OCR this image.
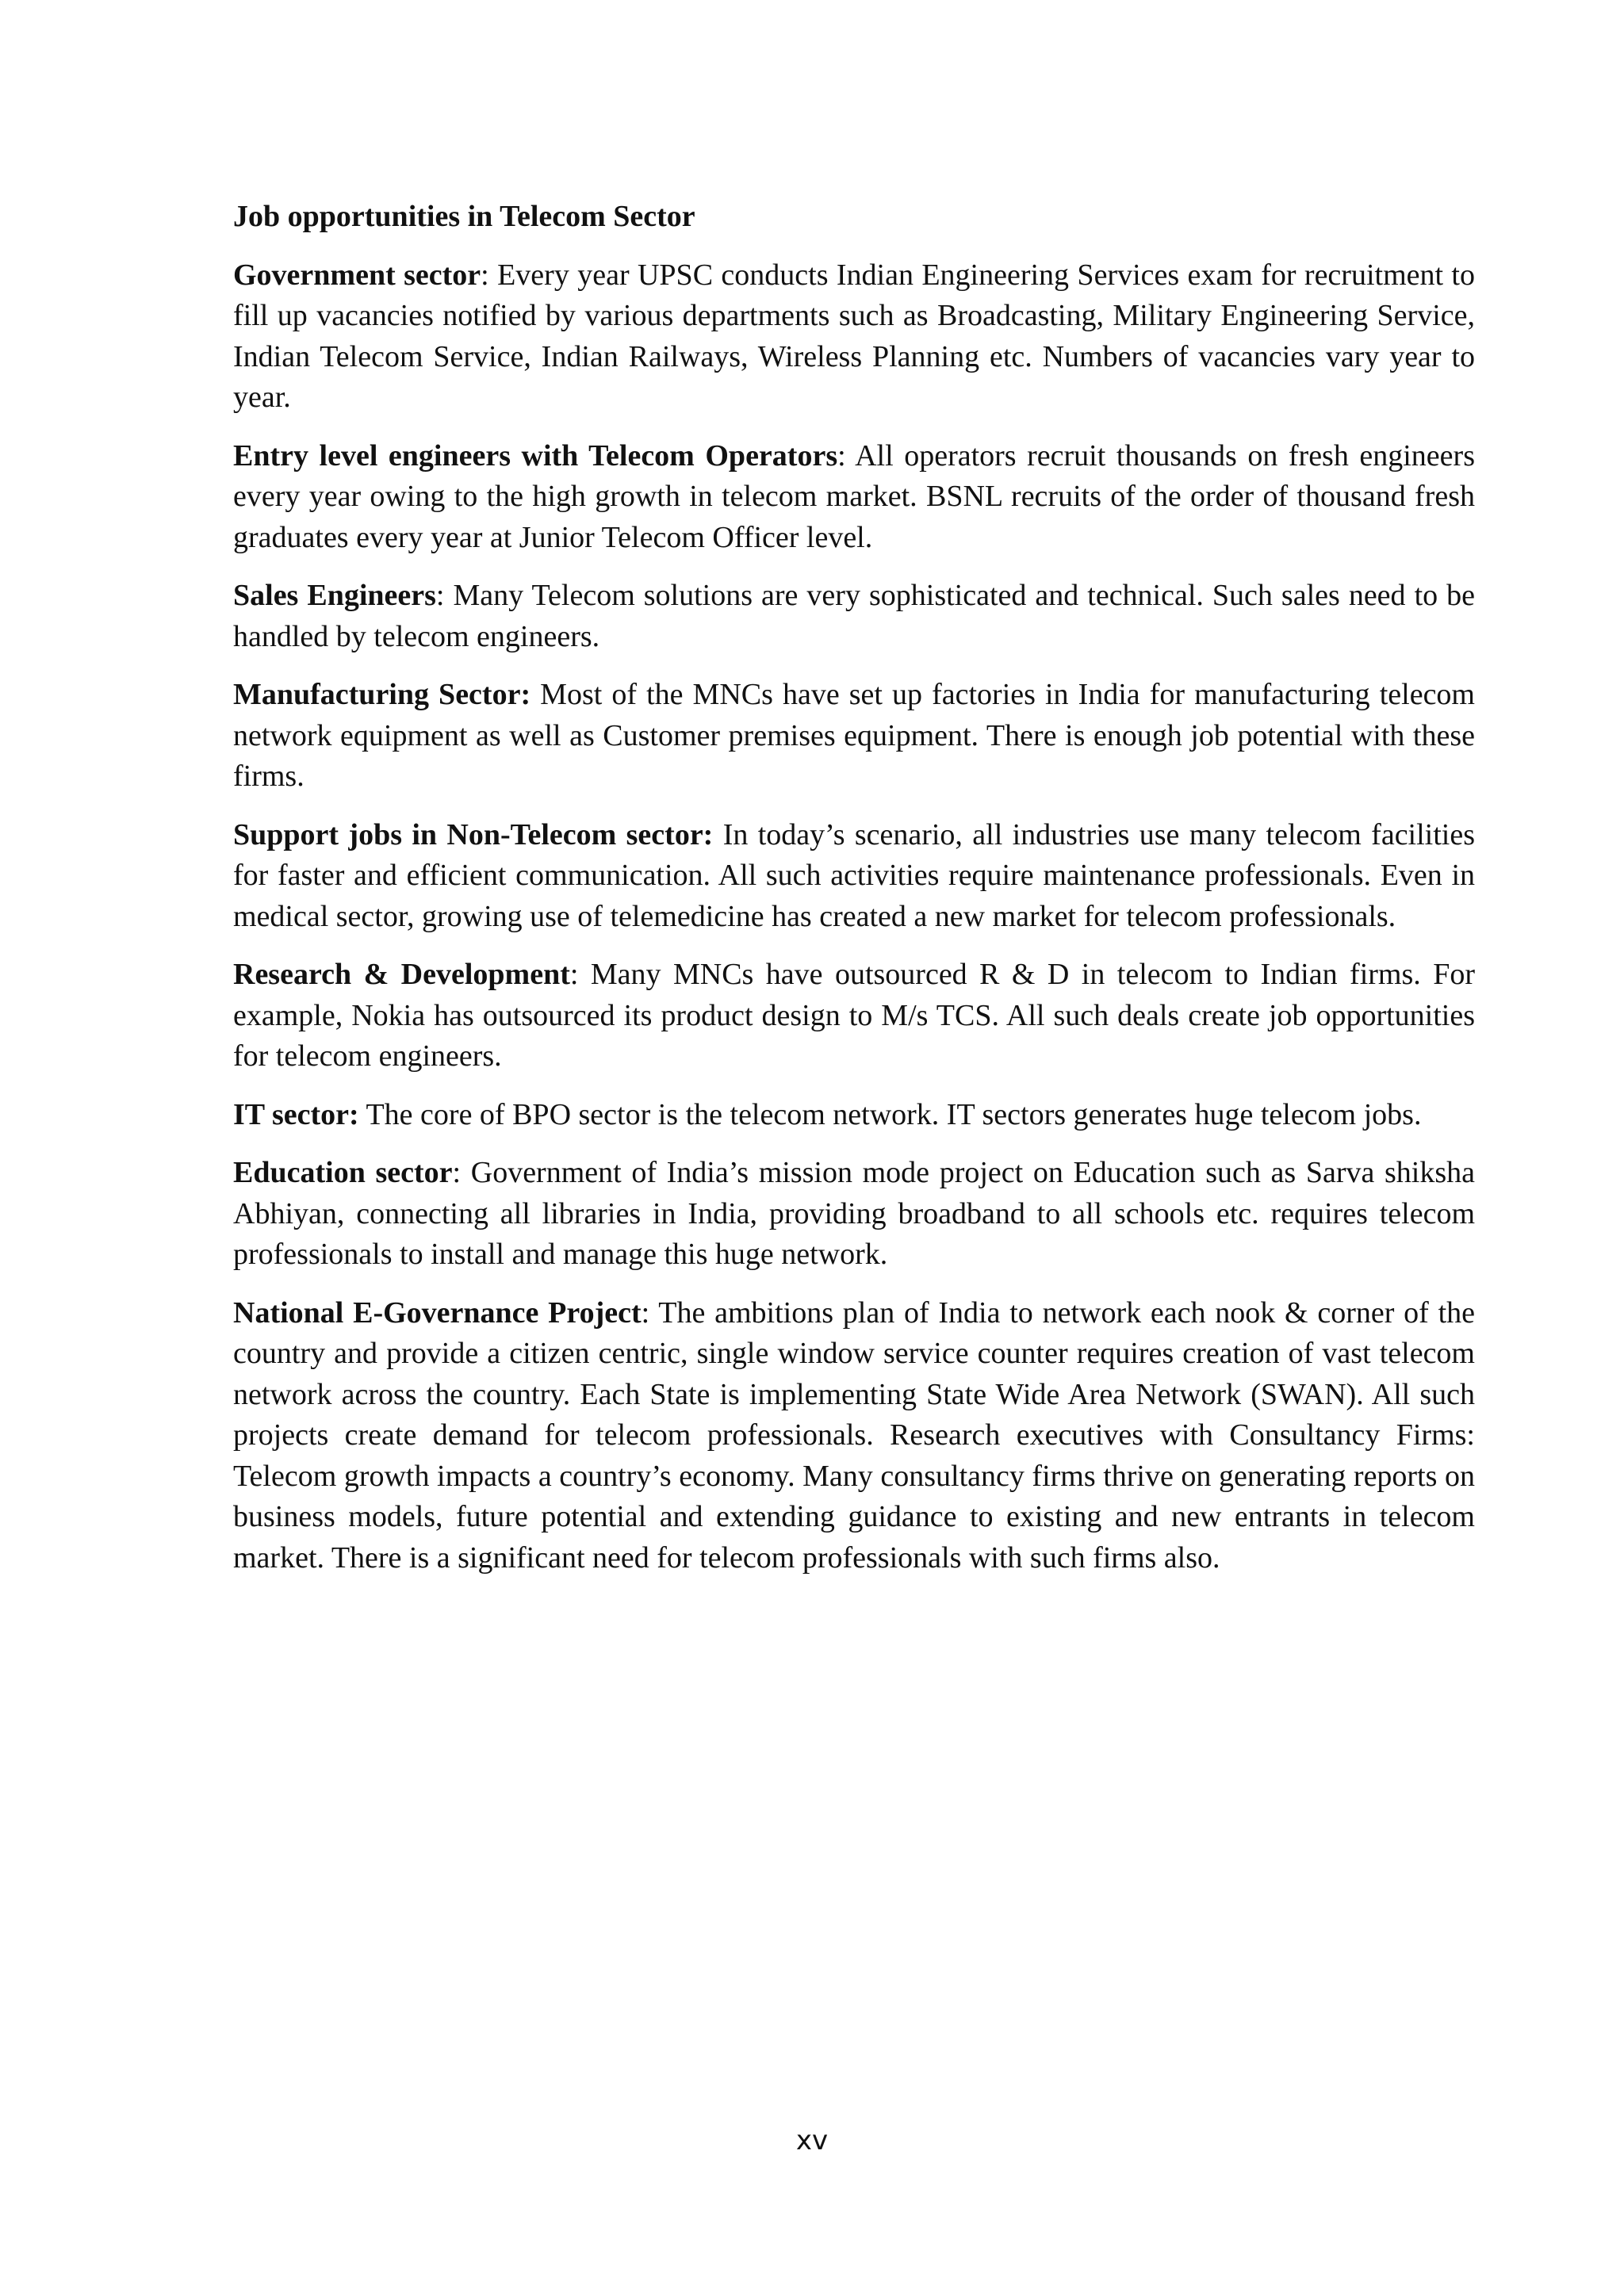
Job opportunities in Telecom Sector

Government sector: Every year UPSC conducts Indian Engineering Services exam for recruitment to fill up vacancies notified by various departments such as Broadcasting, Military Engineering Service, Indian Telecom Service, Indian Railways, Wireless Planning etc. Numbers of vacancies vary year to year.

Entry level engineers with Telecom Operators: All operators recruit thousands on fresh engineers every year owing to the high growth in telecom market. BSNL recruits of the order of thousand fresh graduates every year at Junior Telecom Officer level.

Sales Engineers: Many Telecom solutions are very sophisticated and technical. Such sales need to be handled by telecom engineers.

Manufacturing Sector: Most of the MNCs have set up factories in India for manufacturing telecom network equipment as well as Customer premises equipment. There is enough job potential with these firms.

Support jobs in Non-Telecom sector: In today’s scenario, all industries use many telecom facilities for faster and efficient communication. All such activities require maintenance professionals. Even in medical sector, growing use of telemedicine has created a new market for telecom professionals.

Research & Development: Many MNCs have outsourced R & D in telecom to Indian firms. For example, Nokia has outsourced its product design to M/s TCS. All such deals create job opportunities for telecom engineers.

IT sector: The core of BPO sector is the telecom network. IT sectors generates huge telecom jobs.

Education sector: Government of India’s mission mode project on Education such as Sarva shiksha Abhiyan, connecting all libraries in India, providing broadband to all schools etc. requires telecom professionals to install and manage this huge network.

National E-Governance Project: The ambitions plan of India to network each nook & corner of the country and provide a citizen centric, single window service counter requires creation of vast telecom network across the country. Each State is implementing State Wide Area Network (SWAN). All such projects create demand for telecom professionals. Research executives with Consultancy Firms: Telecom growth impacts a country’s economy. Many consultancy firms thrive on generating reports on business models, future potential and extending guidance to existing and new entrants in telecom market. There is a significant need for telecom professionals with such firms also.

xv
